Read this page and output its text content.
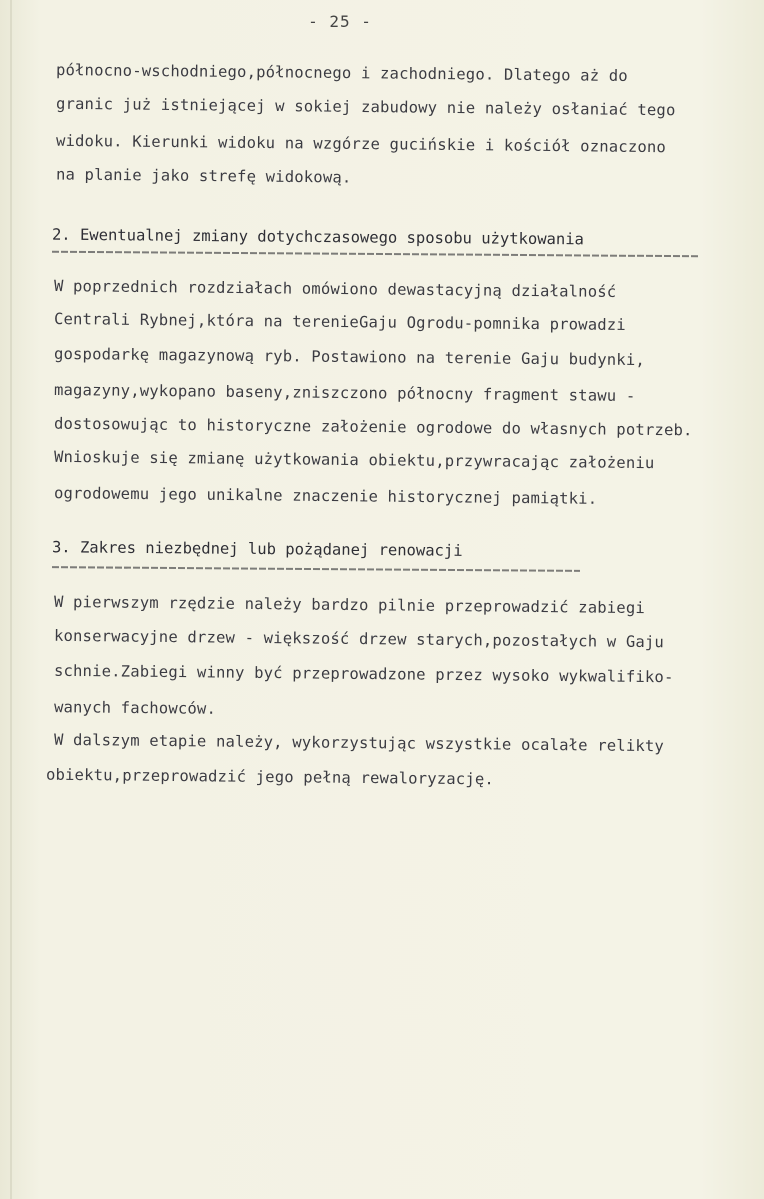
- 25 -
północno-wschodniego,północnego i zachodniego. Dlatego aż do
granic już istniejącej w sokiej zabudowy nie należy osłaniać tego
widoku. Kierunki widoku na wzgórze gucińskie i kościół oznaczono
na planie jako strefę widokową.
2. Ewentualnej zmiany dotychczasowego sposobu użytkowania
W poprzednich rozdziałach omówiono dewastacyjną działalność
Centrali Rybnej,która na terenieGaju Ogrodu-pomnika prowadzi
gospodarkę magazynową ryb. Postawiono na terenie Gaju budynki,
magazyny,wykopano baseny,zniszczono północny fragment stawu -
dostosowując to historyczne założenie ogrodowe do własnych potrzeb.
Wnioskuje się zmianę użytkowania obiektu,przywracając założeniu
ogrodowemu jego unikalne znaczenie historycznej pamiątki.
3. Zakres niezbędnej lub pożądanej renowacji
W pierwszym rzędzie należy bardzo pilnie przeprowadzić zabiegi
konserwacyjne drzew - większość drzew starych,pozostałych w Gaju
schnie.Zabiegi winny być przeprowadzone przez wysoko wykwalifiko-
wanych fachowców.
W dalszym etapie należy, wykorzystując wszystkie ocalałe relikty
obiektu,przeprowadzić jego pełną rewaloryzację.
